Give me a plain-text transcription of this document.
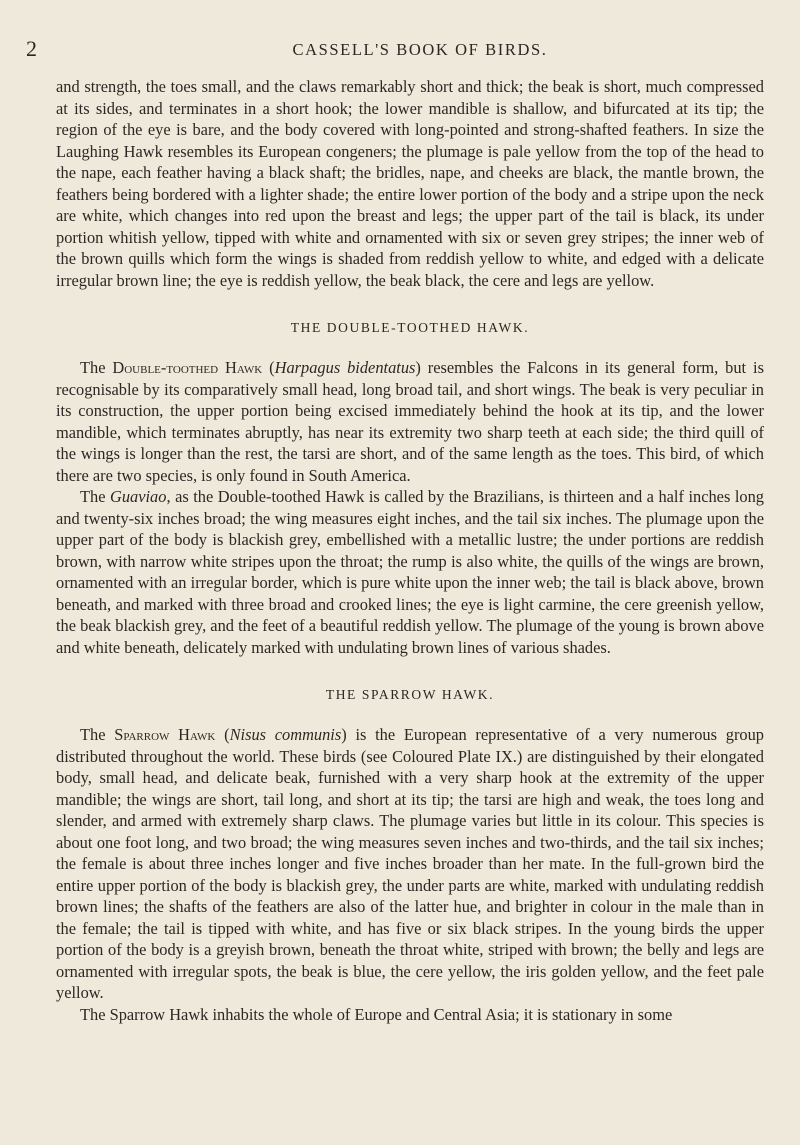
2	CASSELL'S BOOK OF BIRDS.

and strength, the toes small, and the claws remarkably short and thick; the beak is short, much compressed at its sides, and terminates in a short hook; the lower mandible is shallow, and bifurcated at its tip; the region of the eye is bare, and the body covered with long-pointed and strong-shafted feathers. In size the Laughing Hawk resembles its European congeners; the plumage is pale yellow from the top of the head to the nape, each feather having a black shaft; the bridles, nape, and cheeks are black, the mantle brown, the feathers being bordered with a lighter shade; the entire lower portion of the body and a stripe upon the neck are white, which changes into red upon the breast and legs; the upper part of the tail is black, its under portion whitish yellow, tipped with white and ornamented with six or seven grey stripes; the inner web of the brown quills which form the wings is shaded from reddish yellow to white, and edged with a delicate irregular brown line; the eye is reddish yellow, the beak black, the cere and legs are yellow.

THE DOUBLE-TOOTHED HAWK.

The Double-toothed Hawk (Harpagus bidentatus) resembles the Falcons in its general form, but is recognisable by its comparatively small head, long broad tail, and short wings. The beak is very peculiar in its construction, the upper portion being excised immediately behind the hook at its tip, and the lower mandible, which terminates abruptly, has near its extremity two sharp teeth at each side; the third quill of the wings is longer than the rest, the tarsi are short, and of the same length as the toes. This bird, of which there are two species, is only found in South America.

The Guaviao, as the Double-toothed Hawk is called by the Brazilians, is thirteen and a half inches long and twenty-six inches broad; the wing measures eight inches, and the tail six inches. The plumage upon the upper part of the body is blackish grey, embellished with a metallic lustre; the under portions are reddish brown, with narrow white stripes upon the throat; the rump is also white, the quills of the wings are brown, ornamented with an irregular border, which is pure white upon the inner web; the tail is black above, brown beneath, and marked with three broad and crooked lines; the eye is light carmine, the cere greenish yellow, the beak blackish grey, and the feet of a beautiful reddish yellow. The plumage of the young is brown above and white beneath, delicately marked with undulating brown lines of various shades.

THE SPARROW HAWK.

The Sparrow Hawk (Nisus communis) is the European representative of a very numerous group distributed throughout the world. These birds (see Coloured Plate IX.) are distinguished by their elongated body, small head, and delicate beak, furnished with a very sharp hook at the extremity of the upper mandible; the wings are short, tail long, and short at its tip; the tarsi are high and weak, the toes long and slender, and armed with extremely sharp claws. The plumage varies but little in its colour. This species is about one foot long, and two broad; the wing measures seven inches and two-thirds, and the tail six inches; the female is about three inches longer and five inches broader than her mate. In the full-grown bird the entire upper portion of the body is blackish grey, the under parts are white, marked with undulating reddish brown lines; the shafts of the feathers are also of the latter hue, and brighter in colour in the male than in the female; the tail is tipped with white, and has five or six black stripes. In the young birds the upper portion of the body is a greyish brown, beneath the throat white, striped with brown; the belly and legs are ornamented with irregular spots, the beak is blue, the cere yellow, the iris golden yellow, and the feet pale yellow.

The Sparrow Hawk inhabits the whole of Europe and Central Asia; it is stationary in some
